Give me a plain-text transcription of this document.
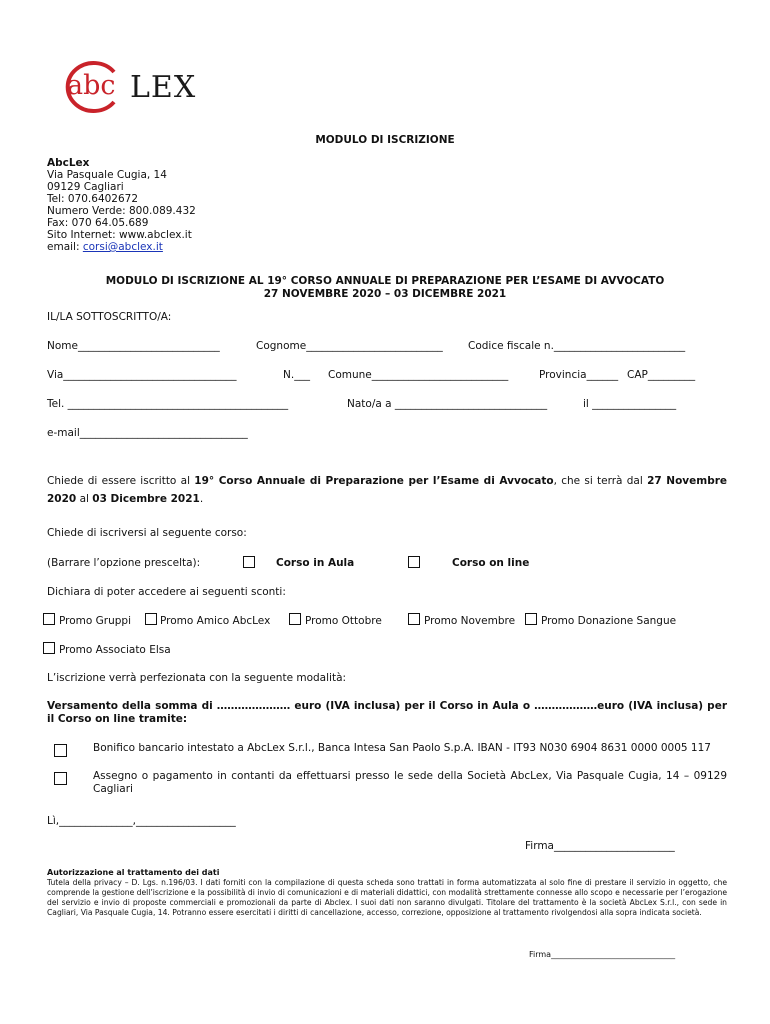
abc LEX
MODULO DI ISCRIZIONE
AbcLex
Via Pasquale Cugia, 14
09129 Cagliari
Tel: 070.6402672
Numero Verde: 800.089.432
Fax: 070 64.05.689
Sito Internet: www.abclex.it
email: corsi@abclex.it
MODULO DI ISCRIZIONE AL 19° CORSO ANNUALE DI PREPARAZIONE PER L’ESAME DI AVVOCATO
27 NOVEMBRE 2020 – 03 DICEMBRE 2021
IL/LA SOTTOSCRITTO/A:
Nome___________________________	Cognome__________________________ Codice fiscale n._________________________
Via_________________________________	N.___ Comune__________________________	Provincia______ CAP_________
Tel. __________________________________________	Nato/a a _____________________________	il ________________
e-mail________________________________
Chiede di essere iscritto al 19° Corso Annuale di Preparazione per l’Esame di Avvocato, che si terrà dal 27 Novembre 2020 al 03 Dicembre 2021.
Chiede di iscriversi al seguente corso:
(Barrare l’opzione prescelta):	Corso in Aula	Corso on line
Dichiara di poter accedere ai seguenti sconti:
Promo Gruppi	Promo Amico AbcLex	Promo Ottobre	Promo Novembre Promo Donazione Sangue
Promo Associato Elsa
L’iscrizione verrà perfezionata con la seguente modalità:
Versamento della somma di ………………… euro (IVA inclusa) per il Corso in Aula o ………………euro (IVA inclusa) per il Corso on line tramite:
Bonifico bancario intestato a AbcLex S.r.l., Banca Intesa San Paolo S.p.A. IBAN - IT93 N030 6904 8631 0000 0005 117
Assegno o pagamento in contanti da effettuarsi presso le sede della Società AbcLex, Via Pasquale Cugia, 14 – 09129 Cagliari
Lì,______________,___________________
Firma_______________________
Autorizzazione al trattamento dei dati
Tutela della privacy – D. Lgs. n.196/03. I dati forniti con la compilazione di questa scheda sono trattati in forma automatizzata al solo fine di prestare il servizio in oggetto, che comprende la gestione dell’iscrizione e la possibilità di invio di comunicazioni e di materiali didattici, con modalità strettamente connesse allo scopo e necessarie per l’erogazione del servizio e invio di proposte commerciali e promozionali da parte di Abclex. I suoi dati non saranno divulgati. Titolare del trattamento è la società AbcLex S.r.l., con sede in Cagliari, Via Pasquale Cugia, 14. Potranno essere esercitati i diritti di cancellazione, accesso, correzione, opposizione al trattamento rivolgendosi alla sopra indicata società.
Firma_______________________________
